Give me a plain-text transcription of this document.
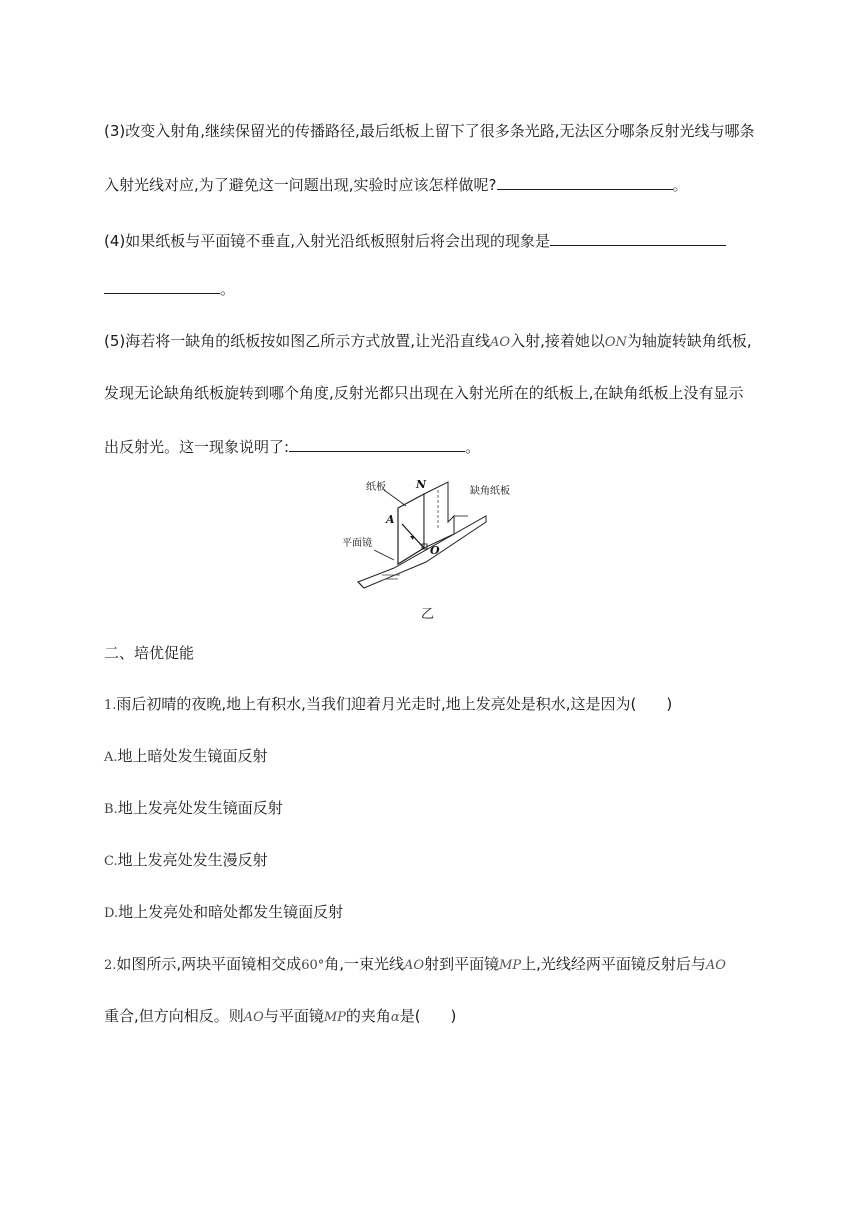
(3)改变入射角,继续保留光的传播路径,最后纸板上留下了很多条光路,无法区分哪条反射光线与哪条
入射光线对应,为了避免这一问题出现,实验时应该怎样做呢?	。
(4)如果纸板与平面镜不垂直,入射光沿纸板照射后将会出现的现象是
。
(5)海若将一缺角的纸板按如图乙所示方式放置,让光沿直线AO入射,接着她以ON为轴旋转缺角纸板,
发现无论缺角纸板旋转到哪个角度,反射光都只出现在入射光所在的纸板上,在缺角纸板上没有显示
出反射光。这一现象说明了:	。
纸板	N
缺角纸板
A
平面镜
O
乙
二、培优促能
1.雨后初晴的夜晚,地上有积水,当我们迎着月光走时,地上发亮处是积水,这是因为(　　)
A.地上暗处发生镜面反射
B.地上发亮处发生镜面反射
C.地上发亮处发生漫反射
D.地上发亮处和暗处都发生镜面反射
2.如图所示,两块平面镜相交成60°角,一束光线AO射到平面镜MP上,光线经两平面镜反射后与AO
重合,但方向相反。则AO与平面镜MP的夹角α是(　　)
